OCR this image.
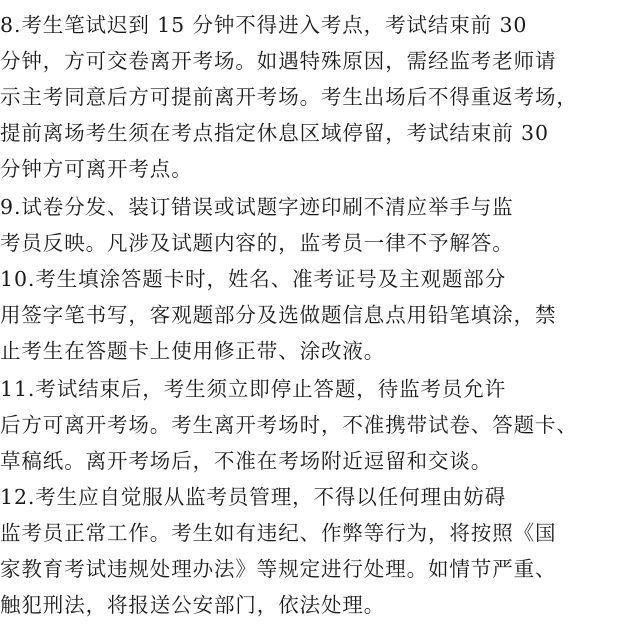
8.考生笔试迟到 15 分钟不得进入考点，考试结束前 30
分钟，方可交卷离开考场。如遇特殊原因，需经监考老师请
示主考同意后方可提前离开考场。考生出场后不得重返考场，
提前离场考生须在考点指定休息区域停留，考试结束前 30
分钟方可离开考点。
9.试卷分发、装订错误或试题字迹印刷不清应举手与监
考员反映。凡涉及试题内容的，监考员一律不予解答。
10.考生填涂答题卡时，姓名、准考证号及主观题部分
用签字笔书写，客观题部分及选做题信息点用铅笔填涂，禁
止考生在答题卡上使用修正带、涂改液。
11.考试结束后，考生须立即停止答题，待监考员允许
后方可离开考场。考生离开考场时，不准携带试卷、答题卡、
草稿纸。离开考场后，不准在考场附近逗留和交谈。
12.考生应自觉服从监考员管理，不得以任何理由妨碍
监考员正常工作。考生如有违纪、作弊等行为，将按照《国
家教育考试违规处理办法》等规定进行处理。如情节严重、
触犯刑法，将报送公安部门，依法处理。
